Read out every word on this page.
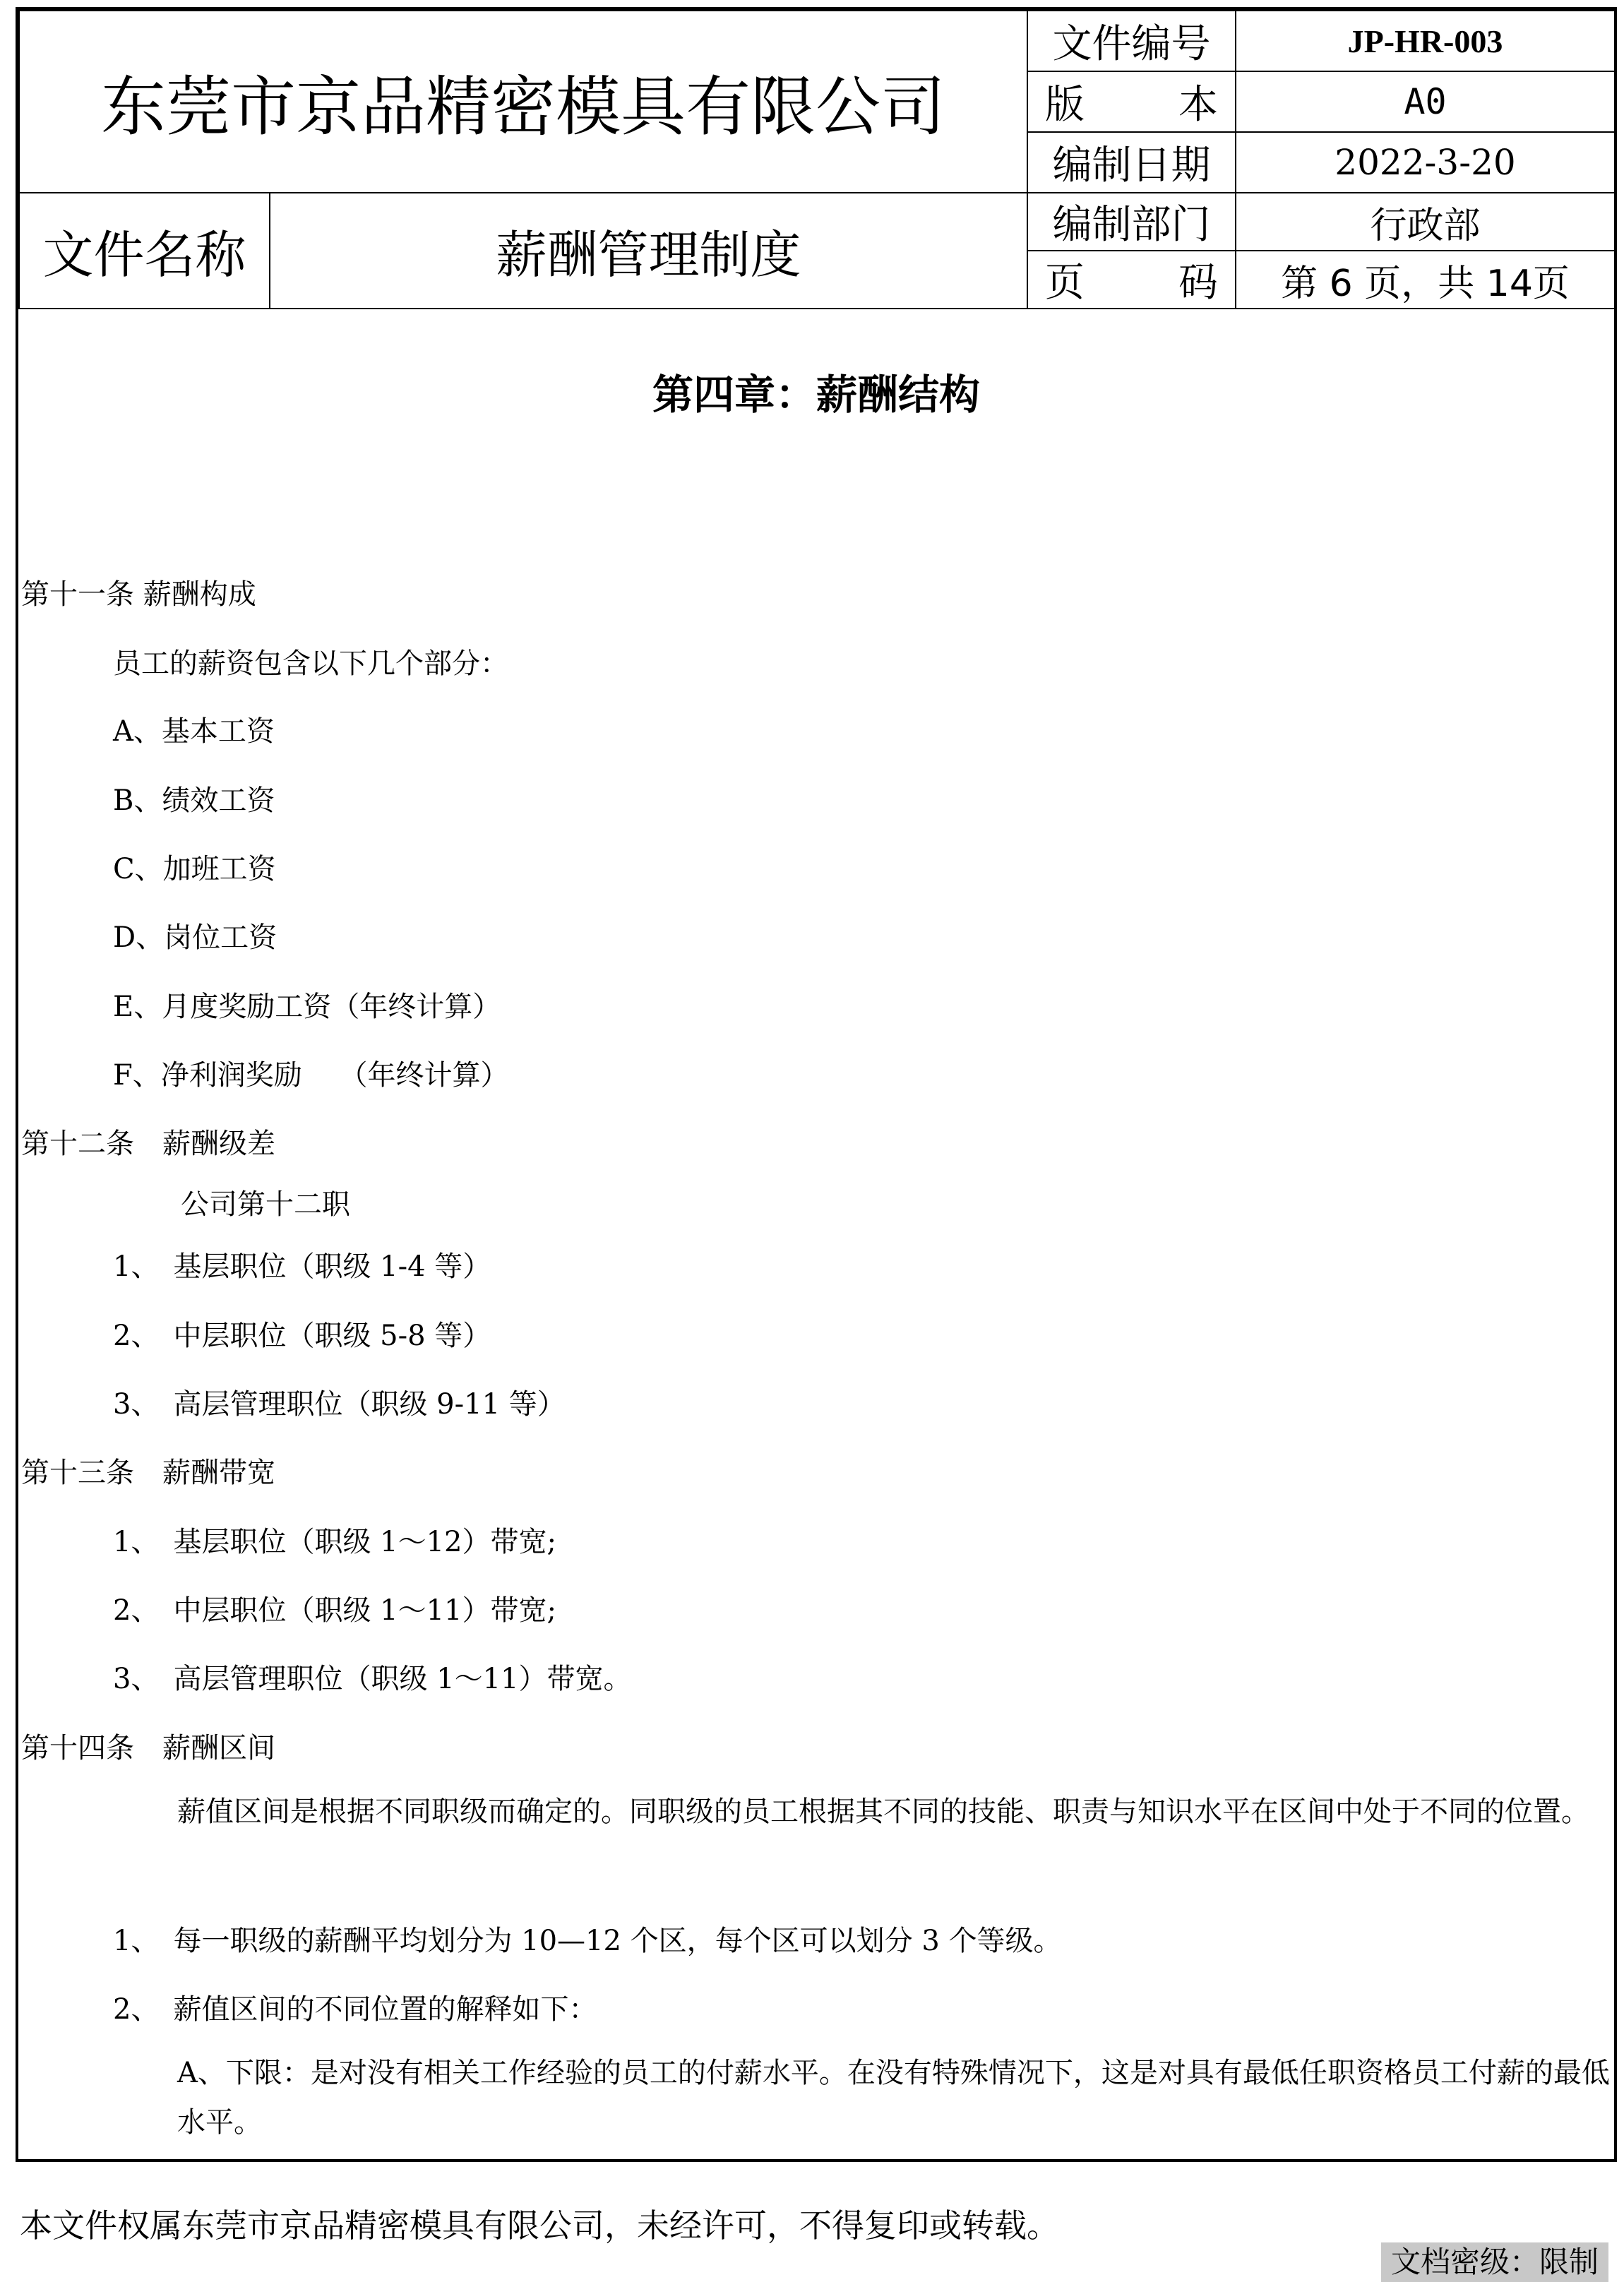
东莞市京品精密模具有限公司		文件编号	JP-HR-003

		版 本	A0
		编制日期	2022-3-20
文件名称	薪酬管理制度	编制部门	行政部

		页 码	第 6 页，共 14页
第四章：薪酬结构
第十一条 薪酬构成
员工的薪资包含以下几个部分：
A、基本工资
B、绩效工资
C、加班工资
D、岗位工资
E、月度奖励工资（年终计算）
F、净利润奖励　 （年终计算）
第十二条　薪酬级差
公司第十二职
1、　基层职位（职级 1-4 等）
2、　中层职位（职级 5-8 等）
3、　高层管理职位（职级 9-11 等）
第十三条　薪酬带宽
1、　基层职位（职级 1～12）带宽;
2、　中层职位（职级 1～11）带宽;
3、　高层管理职位（职级 1～11）带宽。
第十四条　薪酬区间
薪值区间是根据不同职级而确定的。同职级的员工根据其不同的技能、职责与知识水平在区间中处于不同的位置。
1、　每一职级的薪酬平均划分为 10—12 个区，每个区可以划分 3 个等级。
2、　薪值区间的不同位置的解释如下：
A、下限：是对没有相关工作经验的员工的付薪水平。在没有特殊情况下，这是对具有最低任职资格员工付薪的最低水平。
本文件权属东莞市京品精密模具有限公司，未经许可，不得复印或转载。
文档密级：限制
